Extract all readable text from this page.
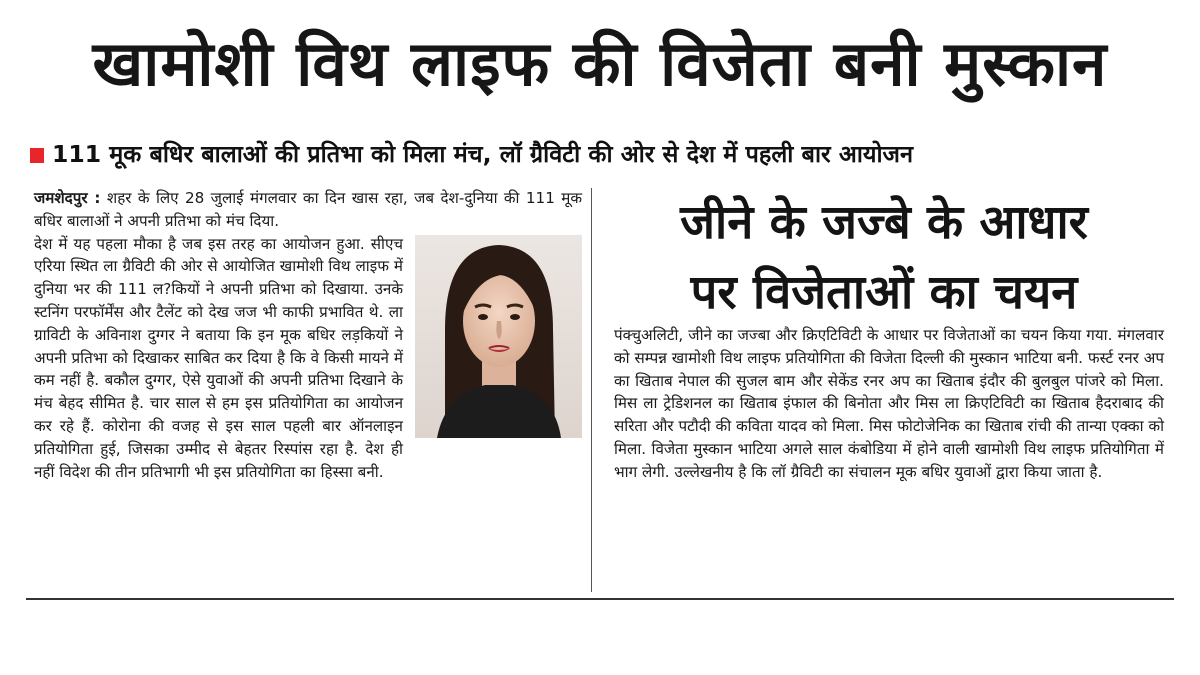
खामोशी विथ लाइफ की विजेता बनी मुस्कान
111 मूक बधिर बालाओं की प्रतिभा को मिला मंच, लॉ ग्रैविटी की ओर से देश में पहली बार आयोजन

जमशेदपुर : शहर के लिए 28 जुलाई मंगलवार का दिन खास रहा, जब देश-दुनिया की 111 मूक बधिर बालाओं ने अपनी प्रतिभा को मंच दिया.

देश में यह पहला मौका है जब इस तरह का आयोजन हुआ. सीएच एरिया स्थित ला ग्रैविटी की ओर से आयोजित खामोशी विथ लाइफ में दुनिया भर की 111 ल?कियों ने अपनी प्रतिभा को दिखाया. उनके स्टनिंग परफॉर्मेंस और टैलेंट को देख जज भी काफी प्रभावित थे. ला ग्राविटी के अविनाश दुग्गर ने बताया कि इन मूक बधिर लड़कियों ने अपनी प्रतिभा को दिखाकर साबित कर दिया है कि वे किसी मायने में कम नहीं है. बकौल दुग्गर, ऐसे युवाओं की अपनी प्रतिभा दिखाने के मंच बेहद सीमित है. चार साल से हम इस प्रतियोगिता का आयोजन कर रहे हैं. कोरोना की वजह से इस साल पहली बार ऑनलाइन प्रतियोगिता हुई, जिसका उम्मीद से बेहतर रिस्पांस रहा है. देश ही नहीं विदेश की तीन प्रतिभागी भी इस प्रतियोगिता का हिस्सा बनी.

जीने के जज्बे के आधार
पर विजेताओं का चयन

पंक्चुअलिटी, जीने का जज्बा और क्रिएटिविटी के आधार पर विजेताओं का चयन किया गया. मंगलवार को सम्पन्न खामोशी विथ लाइफ प्रतियोगिता की विजेता दिल्ली की मुस्कान भाटिया बनी. फर्स्ट रनर अप का खिताब नेपाल की सुजल बाम और सेकेंड रनर अप का खिताब इंदौर की बुलबुल पांजरे को मिला. मिस ला ट्रेडिशनल का खिताब इंफाल की बिनोता और मिस ला क्रिएटिविटी का खिताब हैदराबाद की सरिता और पटौदी की कविता यादव को मिला. मिस फोटोजेनिक का खिताब रांची की तान्या एक्का को मिला. विजेता मुस्कान भाटिया अगले साल कंबोडिया में होने वाली खामोशी विथ लाइफ प्रतियोगिता में भाग लेगी. उल्लेखनीय है कि लॉ ग्रैविटी का संचालन मूक बधिर युवाओं द्वारा किया जाता है.
